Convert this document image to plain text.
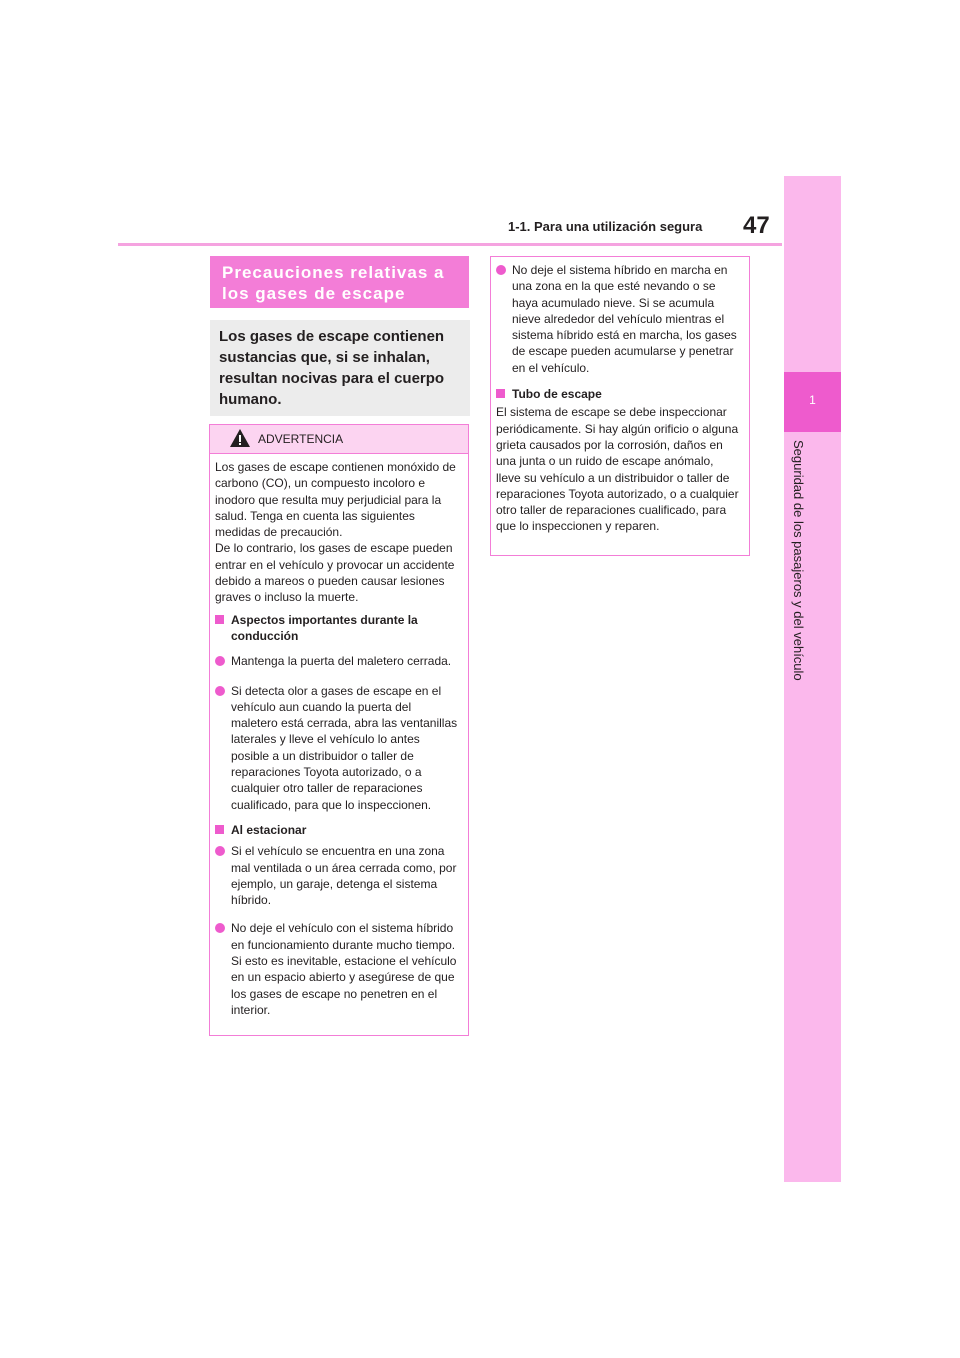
47
1-1. Para una utilización segura
1
Seguridad de los pasajeros y del vehículo
Precauciones relativas a los gases de escape
Los gases de escape contienen sustancias que, si se inhalan, resultan nocivas para el cuerpo humano.
ADVERTENCIA
Los gases de escape contienen monóxido de carbono (CO), un compuesto incoloro e inodoro que resulta muy perjudicial para la salud. Tenga en cuenta las siguientes medidas de precaución.
De lo contrario, los gases de escape pueden entrar en el vehículo y provocar un accidente debido a mareos o pueden causar lesiones graves o incluso la muerte.
Aspectos importantes durante la conducción
Mantenga la puerta del maletero cerrada.
Si detecta olor a gases de escape en el vehículo aun cuando la puerta del maletero está cerrada, abra las ventanillas laterales y lleve el vehículo lo antes posible a un distribuidor o taller de reparaciones Toyota autorizado, o a cualquier otro taller de reparaciones cualificado, para que lo inspeccionen.
Al estacionar
Si el vehículo se encuentra en una zona mal ventilada o un área cerrada como, por ejemplo, un garaje, detenga el sistema híbrido.
No deje el vehículo con el sistema híbrido en funcionamiento durante mucho tiempo.
Si esto es inevitable, estacione el vehículo en un espacio abierto y asegúrese de que los gases de escape no penetren en el interior.
No deje el sistema híbrido en marcha en una zona en la que esté nevando o se haya acumulado nieve. Si se acumula nieve alrededor del vehículo mientras el sistema híbrido está en marcha, los gases de escape pueden acumularse y penetrar en el vehículo.
Tubo de escape
El sistema de escape se debe inspeccionar periódicamente. Si hay algún orificio o alguna grieta causados por la corrosión, daños en una junta o un ruido de escape anómalo, lleve su vehículo a un distribuidor o taller de reparaciones Toyota autorizado, o a cualquier otro taller de reparaciones cualificado, para que lo inspeccionen y reparen.
